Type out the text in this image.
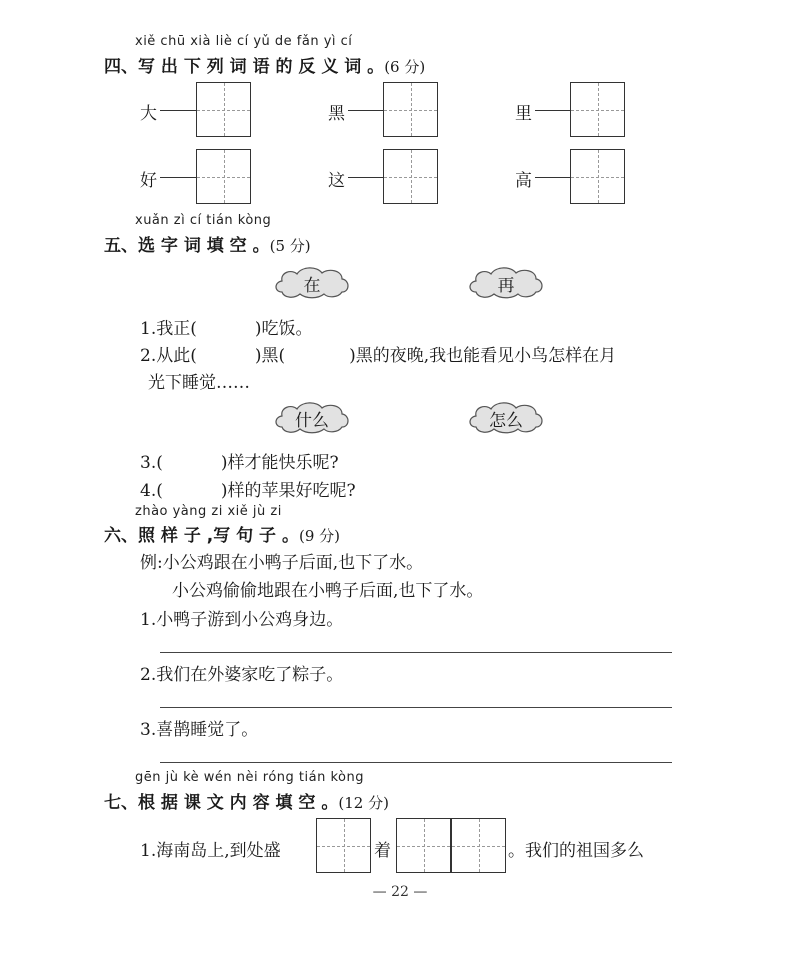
xiě chū xià liè cí yǔ de fǎn yì cí
四、写 出 下 列 词 语 的 反 义 词 。(6 分)
大	黑	里
好	这	高
xuǎn zì cí tián kòng
五、选 字 词 填 空 。(5 分)
在	再
1.我正(	)吃饭。
2.从此(	)黑(	)黑的夜晚,我也能看见小鸟怎样在月
光下睡觉……
什么	怎么
3.(	)样才能快乐呢?
4.(	)样的苹果好吃呢?
zhào yàng zi xiě jù zi
六、照 样 子 ,写 句 子 。(9 分)
例:小公鸡跟在小鸭子后面,也下了水。
小公鸡偷偷地跟在小鸭子后面,也下了水。
1.小鸭子游到小公鸡身边。
2.我们在外婆家吃了粽子。
3.喜鹊睡觉了。
gēn jù kè wén nèi róng tián kòng
七、根 据 课 文 内 容 填 空 。(12 分)
1.海南岛上,到处盛	着	。我们的祖国多么
— 22 —
